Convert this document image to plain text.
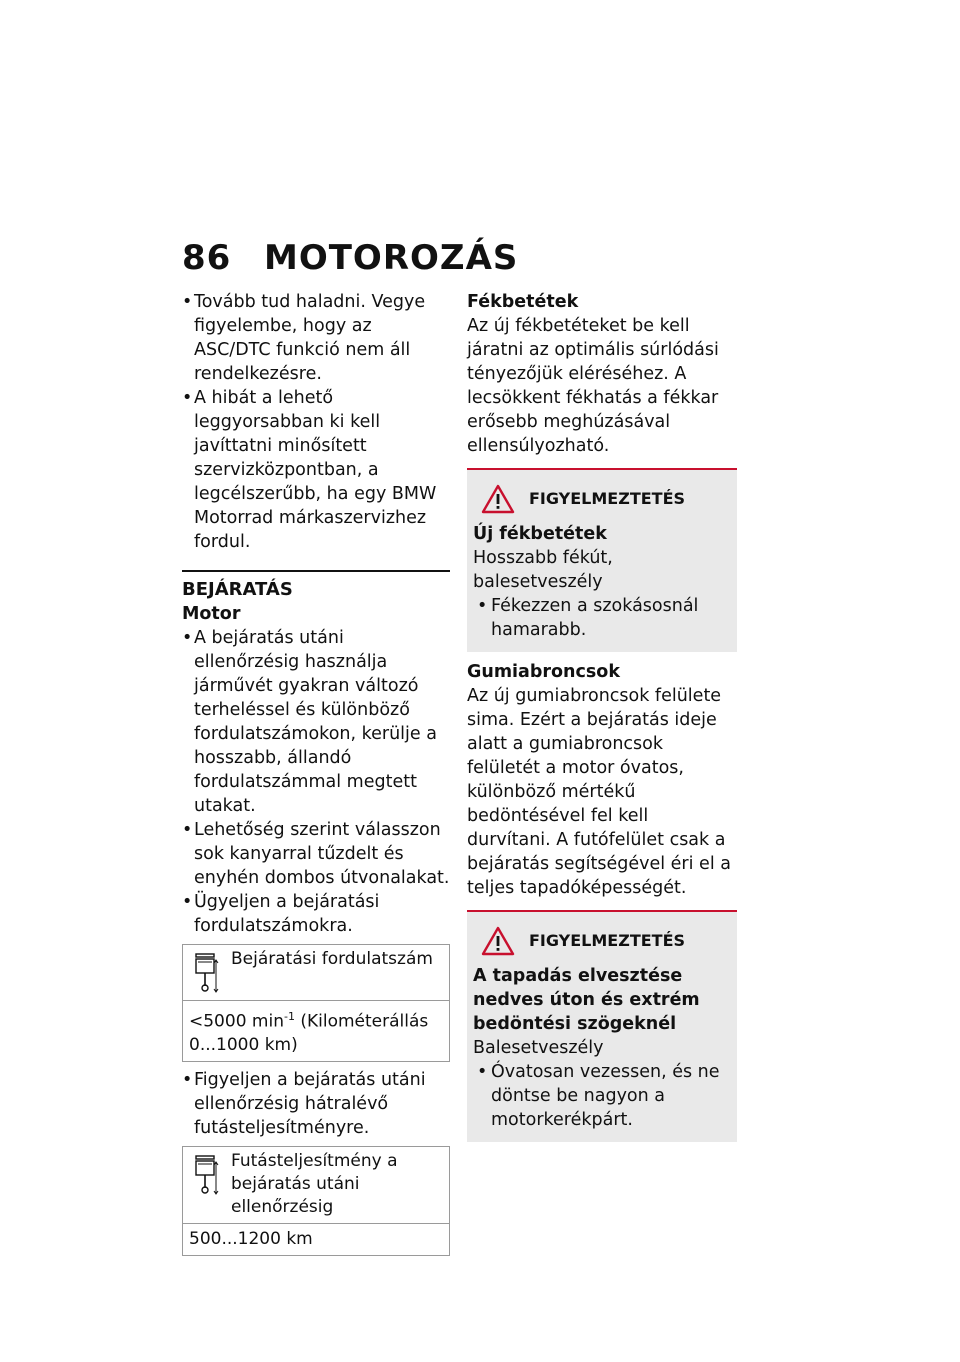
86 MOTOROZÁS
• Tovább tud haladni. Vegye figyelembe, hogy az ASC/DTC funkció nem áll rendelkezésre.
• A hibát a lehető leggyorsabban ki kell javíttatni minősített szervizközpontban, a legcélszerűbb, ha egy BMW Motorrad márkaszervizhez fordul.
BEJÁRATÁS
Motor
• A bejáratás utáni ellenőrzésig használja járművét gyakran változó terheléssel és különböző fordulatszámokon, kerülje a hosszabb, állandó fordulatszámmal megtett utakat.
• Lehetőség szerint válasszon sok kanyarral tűzdelt és enyhén dombos útvonalakat.
• Ügyeljen a bejáratási fordulatszámokra.
Bejáratási fordulatszám
<5000 $\min^{-1}$ (Kilométerállás 0...1000 km)
• Figyeljen a bejáratás utáni ellenőrzésig hátralévő futásteljesítményre.
Futásteljesítmény a bejáratás utáni ellenőrzésig
500...1200 km
Fékbetétek
Az új fékbetéteket be kell járatni az optimális súrlódási tényezőjük eléréséhez. A lecsökkent fékhatás a fékkar erősebb meghúzásával ellensúlyozható.
FIGYELMEZTETÉS
Új fékbetétek
Hosszabb fékút, balesetveszély
• Fékezzen a szokásosnál hamarabb.
Gumiabroncsok
Az új gumiabroncsok felülete sima. Ezért a bejáratás ideje alatt a gumiabroncsok felületét a motor óvatos, különböző mértékű bedöntésével fel kell durvítani. A futófelület csak a bejáratás segítségével éri el a teljes tapadóképességét.
FIGYELMEZTETÉS
A tapadás elvesztése nedves úton és extrém bedöntési szögeknél
Balesetveszély
• Óvatosan vezessen, és ne döntse be nagyon a motorkerékpárt.
